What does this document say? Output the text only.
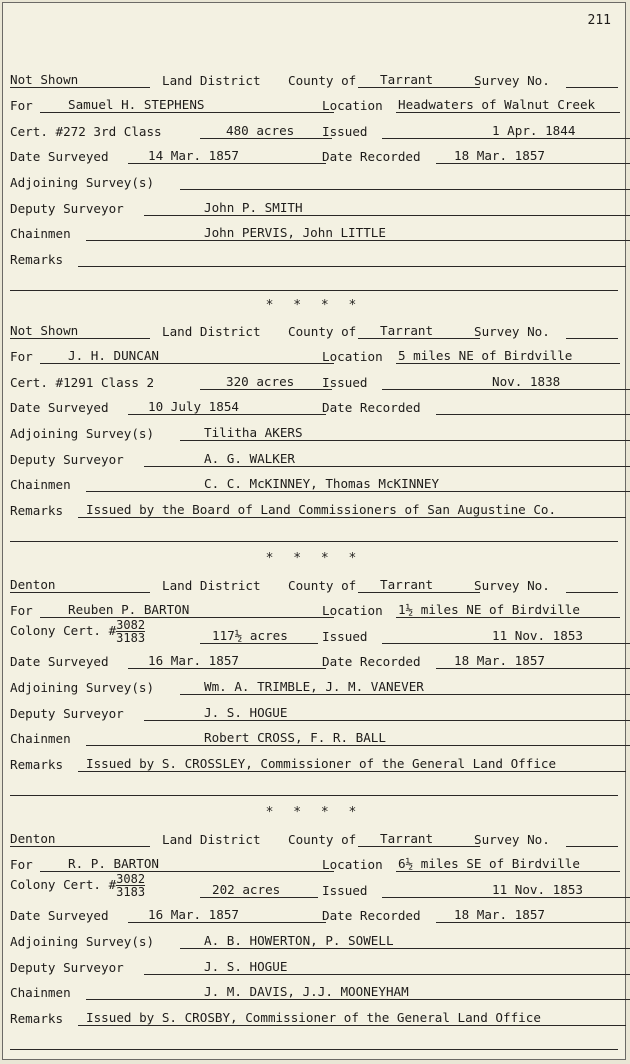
211
Not Shown	Land District County of	Tarrant	Survey No.
For	Samuel H. STEPHENS	Location Headwaters of Walnut Creek
Cert. #272 3rd Class	480 acres	Issued	1 Apr. 1844
Date Surveyed	14 Mar. 1857	Date Recorded	18 Mar. 1857
Adjoining Survey(s)
Deputy Surveyor	John P. SMITH
Chainmen	John PERVIS, John LITTLE
Remarks
Not Shown	Land District County of	Tarrant	Survey No.
For	J. H. DUNCAN	Location 5 miles NE of Birdville
Cert. #1291 Class 2	320 acres	Issued	Nov. 1838
Date Surveyed	10 July 1854	Date Recorded
Adjoining Survey(s)	Tilitha AKERS
Deputy Surveyor	A. G. WALKER
Chainmen	C. C. McKINNEY, Thomas McKINNEY
Remarks	Issued by the Board of Land Commissioners of San Augustine Co.
Denton	Land District County of	Tarrant	Survey No.
For	Reuben P. BARTON	Location 1½ miles NE of Birdville
Colony Cert. # $\frac{3082}{3183}$	117½ acres	Issued	11 Nov. 1853
Date Surveyed	16 Mar. 1857	Date Recorded	18 Mar. 1857
Adjoining Survey(s)	Wm. A. TRIMBLE, J. M. VANEVER
Deputy Surveyor	J. S. HOGUE
Chainmen	Robert CROSS, F. R. BALL
Remarks	Issued by S. CROSSLEY, Commissioner of the General Land Office
Denton	Land District County of	Tarrant	Survey No.
For	R. P. BARTON	Location 6½ miles SE of Birdville
Colony Cert. # $\frac{3082}{3183}$	202 acres	Issued	11 Nov. 1853
Date Surveyed	16 Mar. 1857	Date Recorded	18 Mar. 1857
Adjoining Survey(s)	A. B. HOWERTON, P. SOWELL
Deputy Surveyor	J. S. HOGUE
Chainmen	J. M. DAVIS, J.J. MOONEYHAM
Remarks	Issued by S. CROSBY, Commissioner of the General Land Office
* * * *
* * * *
* * * *
